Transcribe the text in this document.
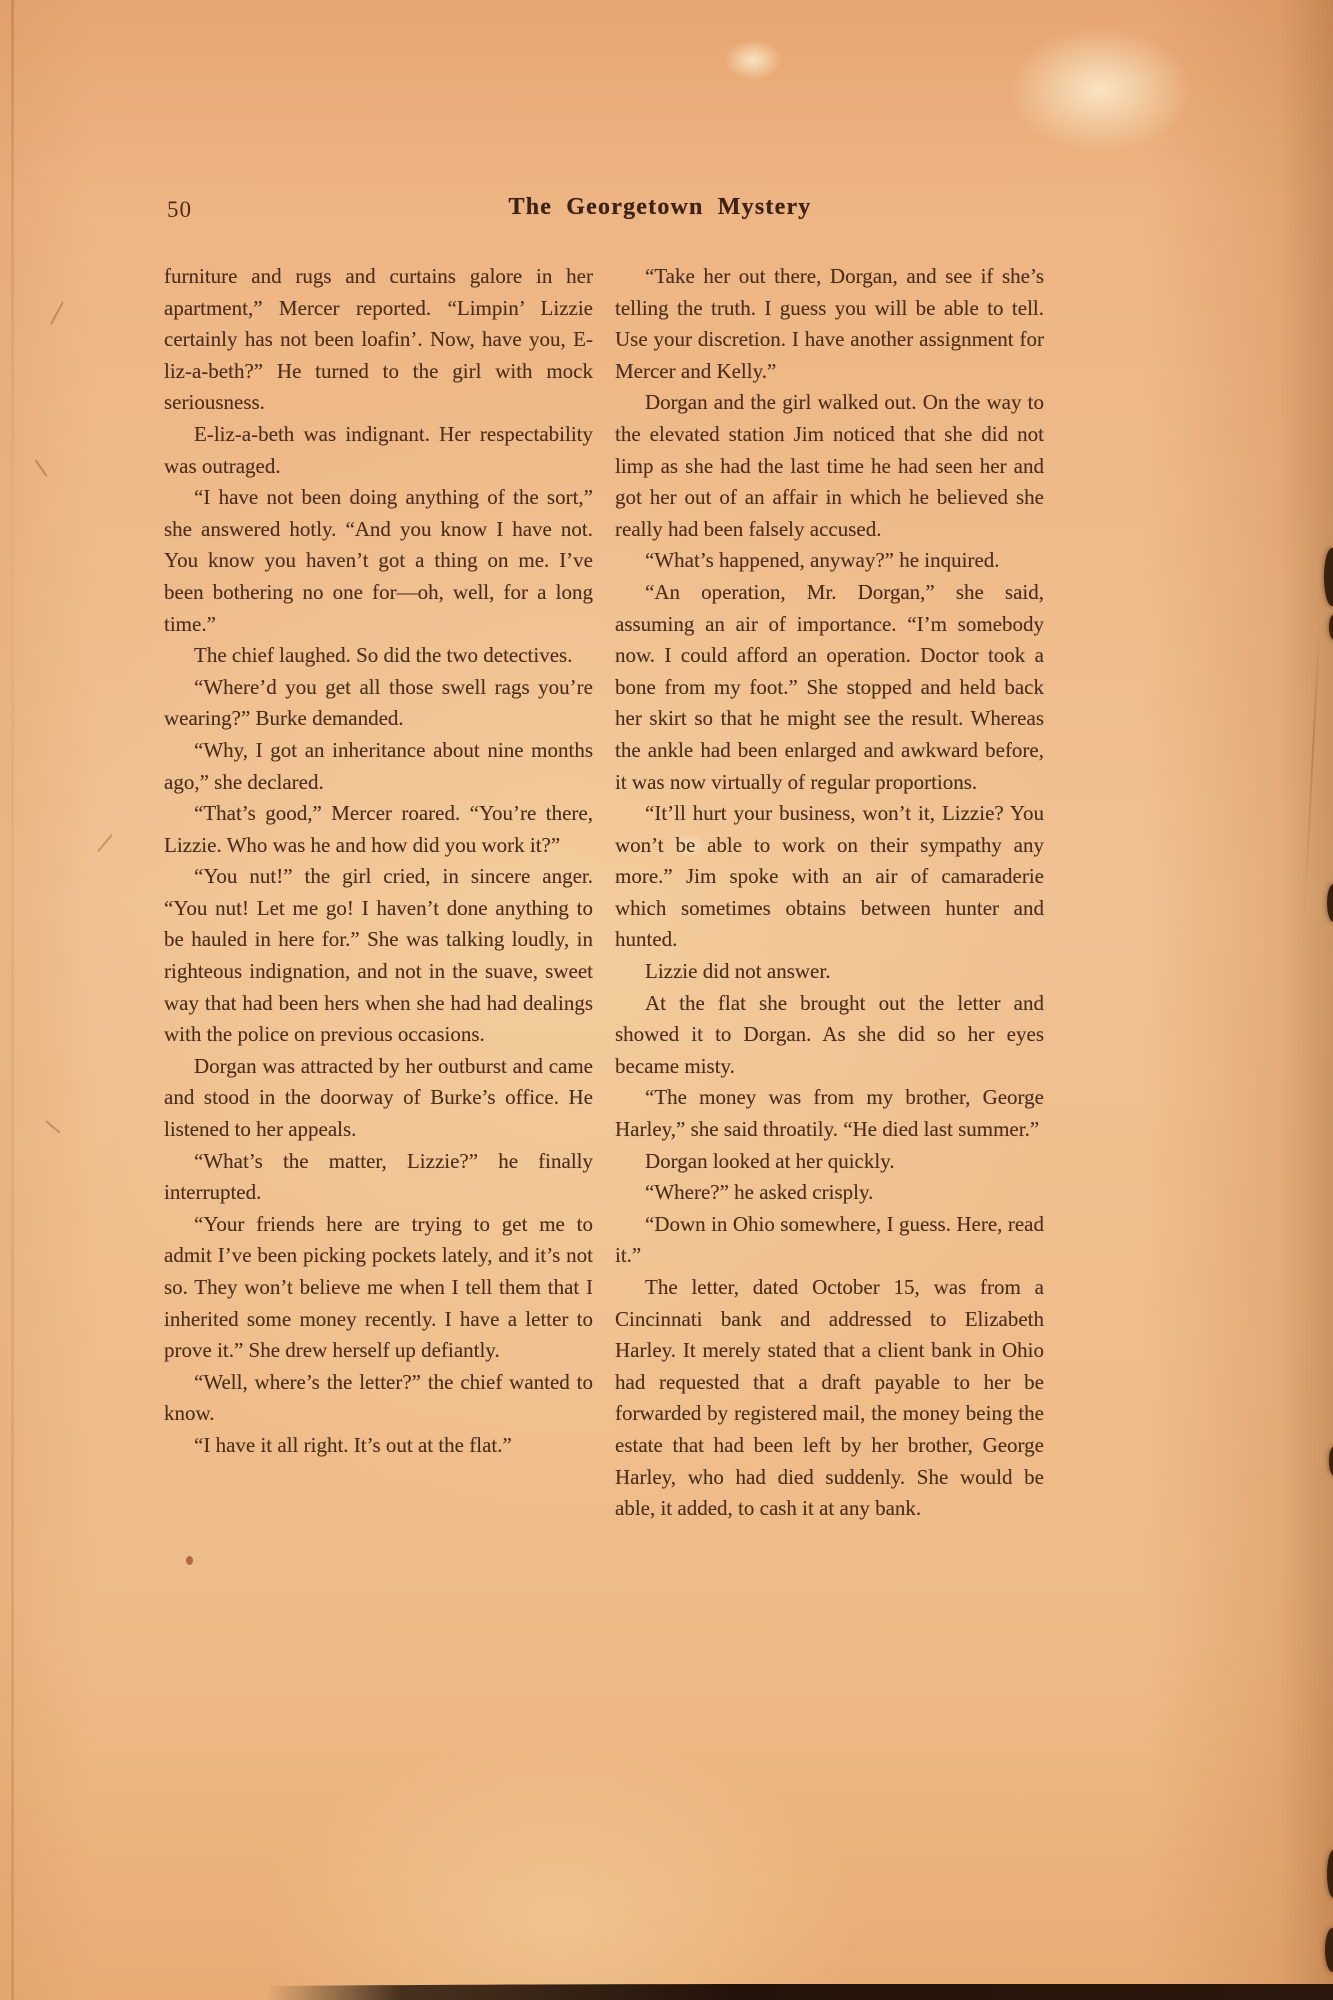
50	The Georgetown Mystery

furniture and rugs and curtains galore in her apartment,” Mercer reported. “Limpin’ Lizzie certainly has not been loafin’. Now, have you, E-liz-a-beth?” He turned to the girl with mock seriousness.

E-liz-a-beth was indignant. Her respectability was outraged.

“I have not been doing anything of the sort,” she answered hotly. “And you know I have not. You know you haven’t got a thing on me. I’ve been bothering no one for—oh, well, for a long time.”

The chief laughed. So did the two detectives.

“Where’d you get all those swell rags you’re wearing?” Burke demanded.

“Why, I got an inheritance about nine months ago,” she declared.

“That’s good,” Mercer roared. “You’re there, Lizzie. Who was he and how did you work it?”

“You nut!” the girl cried, in sincere anger. “You nut! Let me go! I haven’t done anything to be hauled in here for.” She was talking loudly, in righteous indignation, and not in the suave, sweet way that had been hers when she had had dealings with the police on previous occasions.

Dorgan was attracted by her outburst and came and stood in the doorway of Burke’s office. He listened to her appeals.

“What’s the matter, Lizzie?” he finally interrupted.

“Your friends here are trying to get me to admit I’ve been picking pockets lately, and it’s not so. They won’t believe me when I tell them that I inherited some money recently. I have a letter to prove it.” She drew herself up defiantly.

“Well, where’s the letter?” the chief wanted to know.

“I have it all right. It’s out at the flat.”

“Take her out there, Dorgan, and see if she’s telling the truth. I guess you will be able to tell. Use your discretion. I have another assignment for Mercer and Kelly.”

Dorgan and the girl walked out. On the way to the elevated station Jim noticed that she did not limp as she had the last time he had seen her and got her out of an affair in which he believed she really had been falsely accused.

“What’s happened, anyway?” he inquired.

“An operation, Mr. Dorgan,” she said, assuming an air of importance. “I’m somebody now. I could afford an operation. Doctor took a bone from my foot.” She stopped and held back her skirt so that he might see the result. Whereas the ankle had been enlarged and awkward before, it was now virtually of regular proportions.

“It’ll hurt your business, won’t it, Lizzie? You won’t be able to work on their sympathy any more.” Jim spoke with an air of camaraderie which sometimes obtains between hunter and hunted.

Lizzie did not answer.

At the flat she brought out the letter and showed it to Dorgan. As she did so her eyes became misty.

“The money was from my brother, George Harley,” she said throatily. “He died last summer.”

Dorgan looked at her quickly.

“Where?” he asked crisply.

“Down in Ohio somewhere, I guess. Here, read it.”

The letter, dated October 15, was from a Cincinnati bank and addressed to Elizabeth Harley. It merely stated that a client bank in Ohio had requested that a draft payable to her be forwarded by registered mail, the money being the estate that had been left by her brother, George Harley, who had died suddenly. She would be able, it added, to cash it at any bank.
